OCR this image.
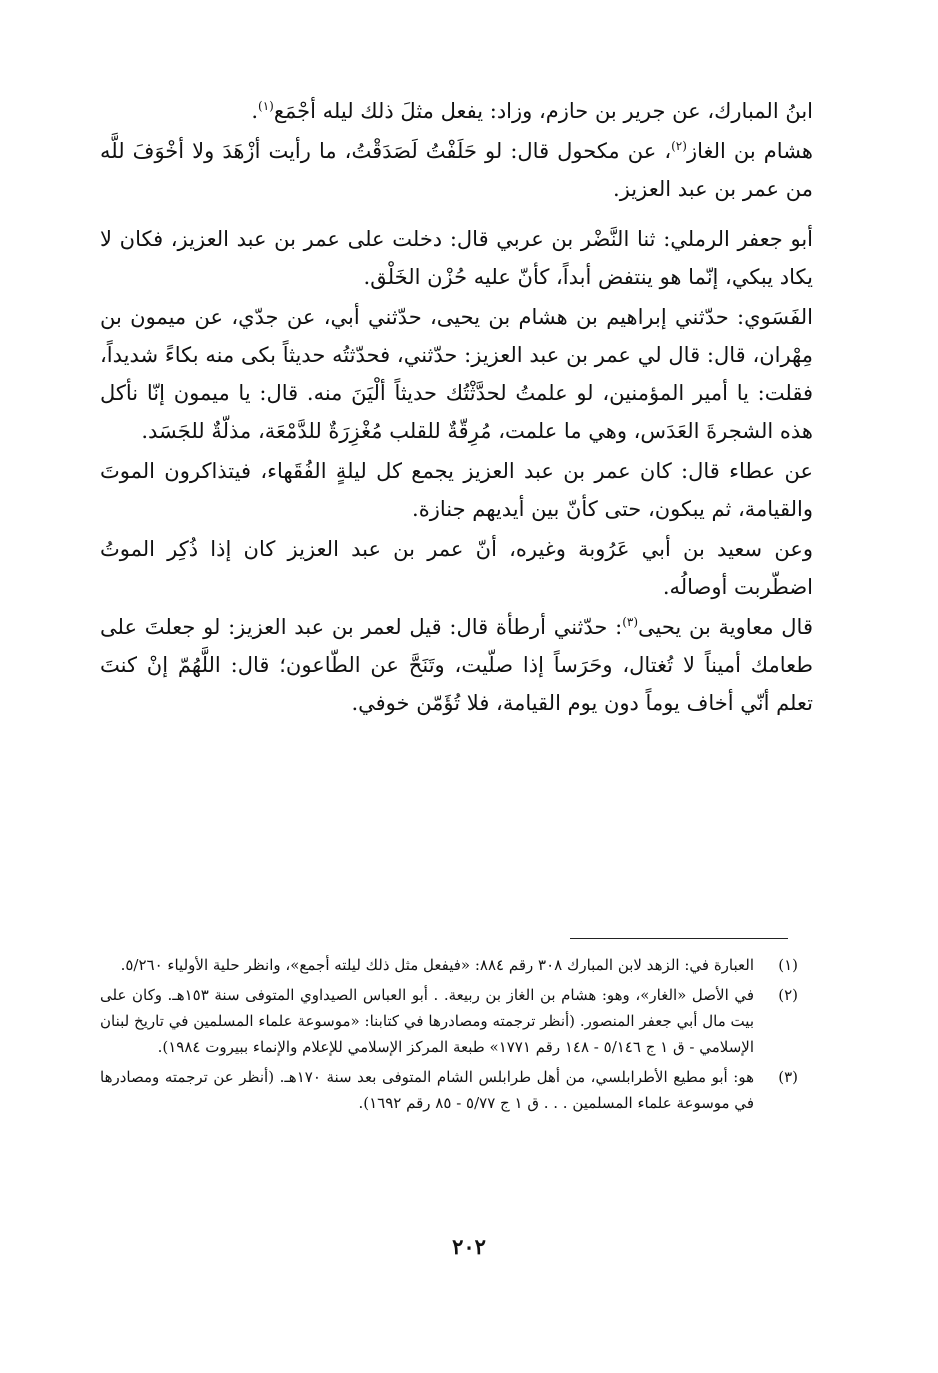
ابنُ المبارك، عن جرير بن حازم، وزاد: يفعل مثلَ ذلك ليله أجْمَع$^{(١)}$.

هشام بن الغاز$^{(٢)}$، عن مكحول قال: لو حَلَفْتُ لَصَدَقْتُ، ما رأيت أزْهَدَ ولا أخْوَفَ للَّه من عمر بن عبد العزيز.

أبو جعفر الرملي: ثنا النَّضْر بن عربي قال: دخلت على عمر بن عبد العزيز، فكان لا يكاد يبكي، إنّما هو ينتفض أبداً، كأنّ عليه حُزْن الخَلْق.

الفَسَوي: حدّثني إبراهيم بن هشام بن يحيى، حدّثني أبي، عن جدّي، عن ميمون بن مِهْران، قال: قال لي عمر بن عبد العزيز: حدّثني، فحدّثتُه حديثاً بكى منه بكاءً شديداً، فقلت: يا أمير المؤمنين، لو علمتُ لحدَّثْتُك حديثاً ألْيَنَ منه. قال: يا ميمون إنّا نأكل هذه الشجرةَ العَدَس، وهي ما علمت، مُرِقّةٌ للقلب مُغْزِرَةٌ للدَّمْعَة، مذلّةٌ للجَسَد.

عن عطاء قال: كان عمر بن عبد العزيز يجمع كل ليلةٍ الفُقَهاء، فيتذاكرون الموتَ والقيامة، ثم يبكون، حتى كأنّ بين أيديهم جنازة.

وعن سعيد بن أبي عَرُوبة وغيره، أنّ عمر بن عبد العزيز كان إذا ذُكِر الموتُ اضطّربت أوصالُه.

قال معاوية بن يحيى$^{(٣)}$: حدّثني أرطأة قال: قيل لعمر بن عبد العزيز: لو جعلتَ على طعامك أميناً لا تُغتال، وحَرَساً إذا صلّيت، وتَنَحَّ عن الطّاعون؛ قال: اللَّهُمّ إنْ كنتَ تعلم أنّي أخاف يوماً دون يوم القيامة، فلا تُؤَمّن خوفي.

(١)
العبارة في: الزهد لابن المبارك ٣٠٨ رقم ٨٨٤: «فيفعل مثل ذلك ليلته أجمع»، وانظر حلية الأولياء ٥/٢٦٠.
(٢)
في الأصل «الغار»، وهو: هشام بن الغاز بن ربيعة. . أبو العباس الصيداوي المتوفى سنة ١٥٣هـ. وكان على بيت مال أبي جعفر المنصور. (أنظر ترجمته ومصادرها في كتابنا: «موسوعة علماء المسلمين في تاريخ لبنان الإسلامي - ق ١ ج ٥/١٤٦ - ١٤٨ رقم ١٧٧١» طبعة المركز الإسلامي للإعلام والإنماء ببيروت ١٩٨٤).
(٣)
هو: أبو مطيع الأطرابلسي، من أهل طرابلس الشام المتوفى بعد سنة ١٧٠هـ. (أنظر عن ترجمته ومصادرها في موسوعة علماء المسلمين . . . ق ١ ج ٥/٧٧ - ٨٥ رقم ١٦٩٢).
٢٠٢
